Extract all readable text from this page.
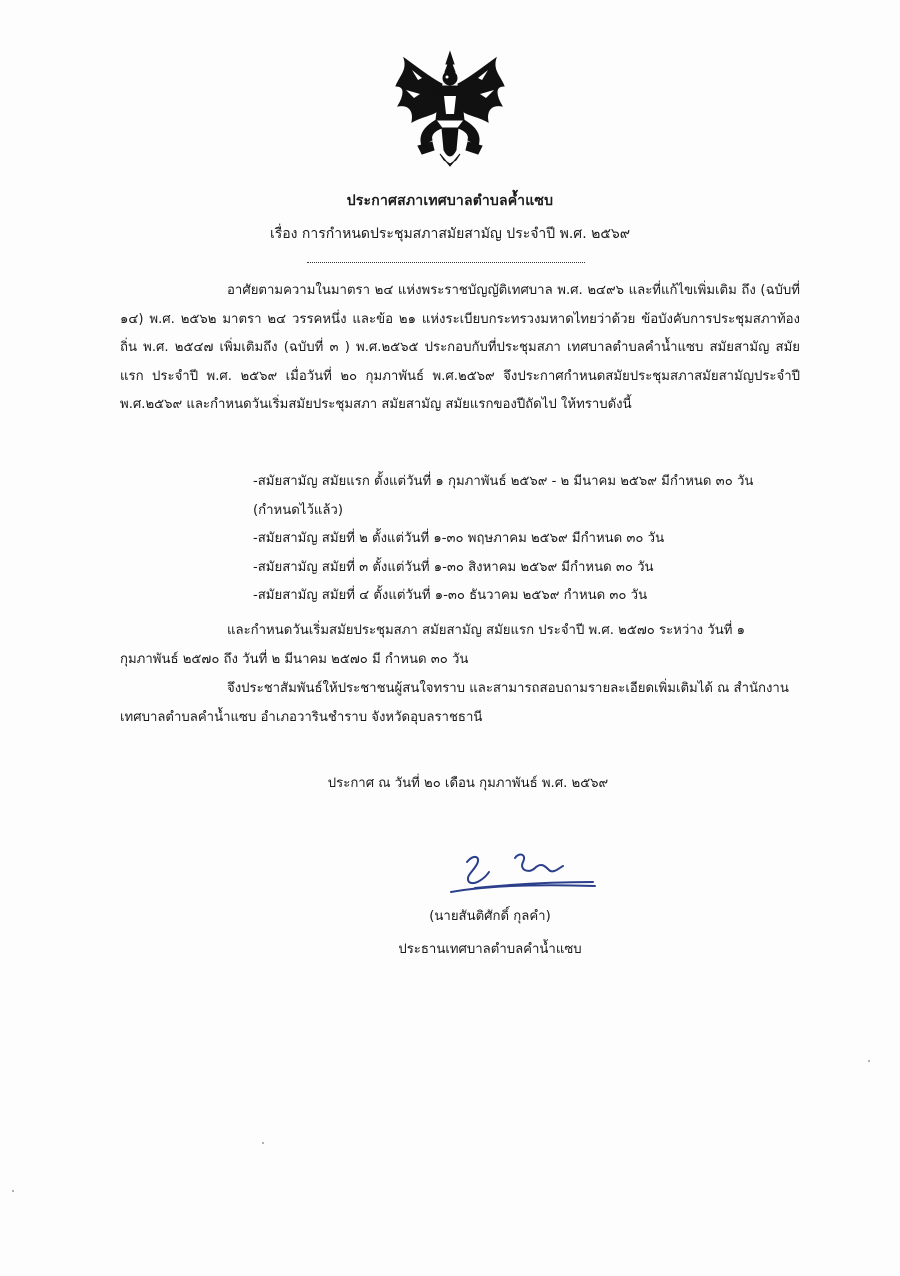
ประกาศสภาเทศบาลตำบลค้ำแซบ
เรื่อง การกำหนดประชุมสภาสมัยสามัญ ประจำปี พ.ศ. ๒๕๖๙
อาศัยตามความในมาตรา ๒๔ แห่งพระราชบัญญัติเทศบาล พ.ศ. ๒๔๙๖ และที่แก้ไขเพิ่มเติม ถึง (ฉบับที่ ๑๔) พ.ศ. ๒๕๖๒ มาตรา ๒๔ วรรคหนึ่ง และข้อ ๒๑ แห่งระเบียบกระทรวงมหาดไทยว่าด้วย ข้อบังคับการประชุมสภาท้องถิ่น พ.ศ. ๒๕๔๗ เพิ่มเติมถึง (ฉบับที่ ๓ ) พ.ศ.๒๕๖๕ ประกอบกับที่ประชุมสภา เทศบาลตำบลคำน้ำแซบ สมัยสามัญ สมัยแรก ประจำปี พ.ศ. ๒๕๖๙ เมื่อวันที่ ๒๐ กุมภาพันธ์ พ.ศ.๒๕๖๙ จึงประกาศกำหนดสมัยประชุมสภาสมัยสามัญประจำปี พ.ศ.๒๕๖๙ และกำหนดวันเริ่มสมัยประชุมสภา สมัยสามัญ สมัยแรกของปีถัดไป ให้ทราบดังนี้

-สมัยสามัญ สมัยแรก ตั้งแต่วันที่ ๑ กุมภาพันธ์ ๒๕๖๙ - ๒ มีนาคม ๒๕๖๙ มีกำหนด ๓๐ วัน (กำหนดไว้แล้ว)

-สมัยสามัญ สมัยที่ ๒ ตั้งแต่วันที่ ๑-๓๐ พฤษภาคม ๒๕๖๙ มีกำหนด ๓๐ วัน

-สมัยสามัญ สมัยที่ ๓ ตั้งแต่วันที่ ๑-๓๐ สิงหาคม ๒๕๖๙ มีกำหนด ๓๐ วัน

-สมัยสามัญ สมัยที่ ๔ ตั้งแต่วันที่ ๑-๓๐ ธันวาคม ๒๕๖๙ กำหนด ๓๐ วัน

และกำหนดวันเริ่มสมัยประชุมสภา สมัยสามัญ สมัยแรก ประจำปี พ.ศ. ๒๕๗๐ ระหว่าง วันที่ ๑ กุมภาพันธ์ ๒๕๗๐ ถึง วันที่ ๒ มีนาคม ๒๕๗๐ มี กำหนด ๓๐ วัน
จึงประชาสัมพันธ์ให้ประชาชนผู้สนใจทราบ และสามารถสอบถามรายละเอียดเพิ่มเติมได้ ณ สำนักงานเทศบาลตำบลคำน้ำแซบ อำเภอวารินชำราบ จังหวัดอุบลราชธานี
ประกาศ ณ วันที่ ๒๐ เดือน กุมภาพันธ์ พ.ศ. ๒๕๖๙
(นายสันติศักดิ์ กุลคำ)
ประธานเทศบาลตำบลคำน้ำแซบ
